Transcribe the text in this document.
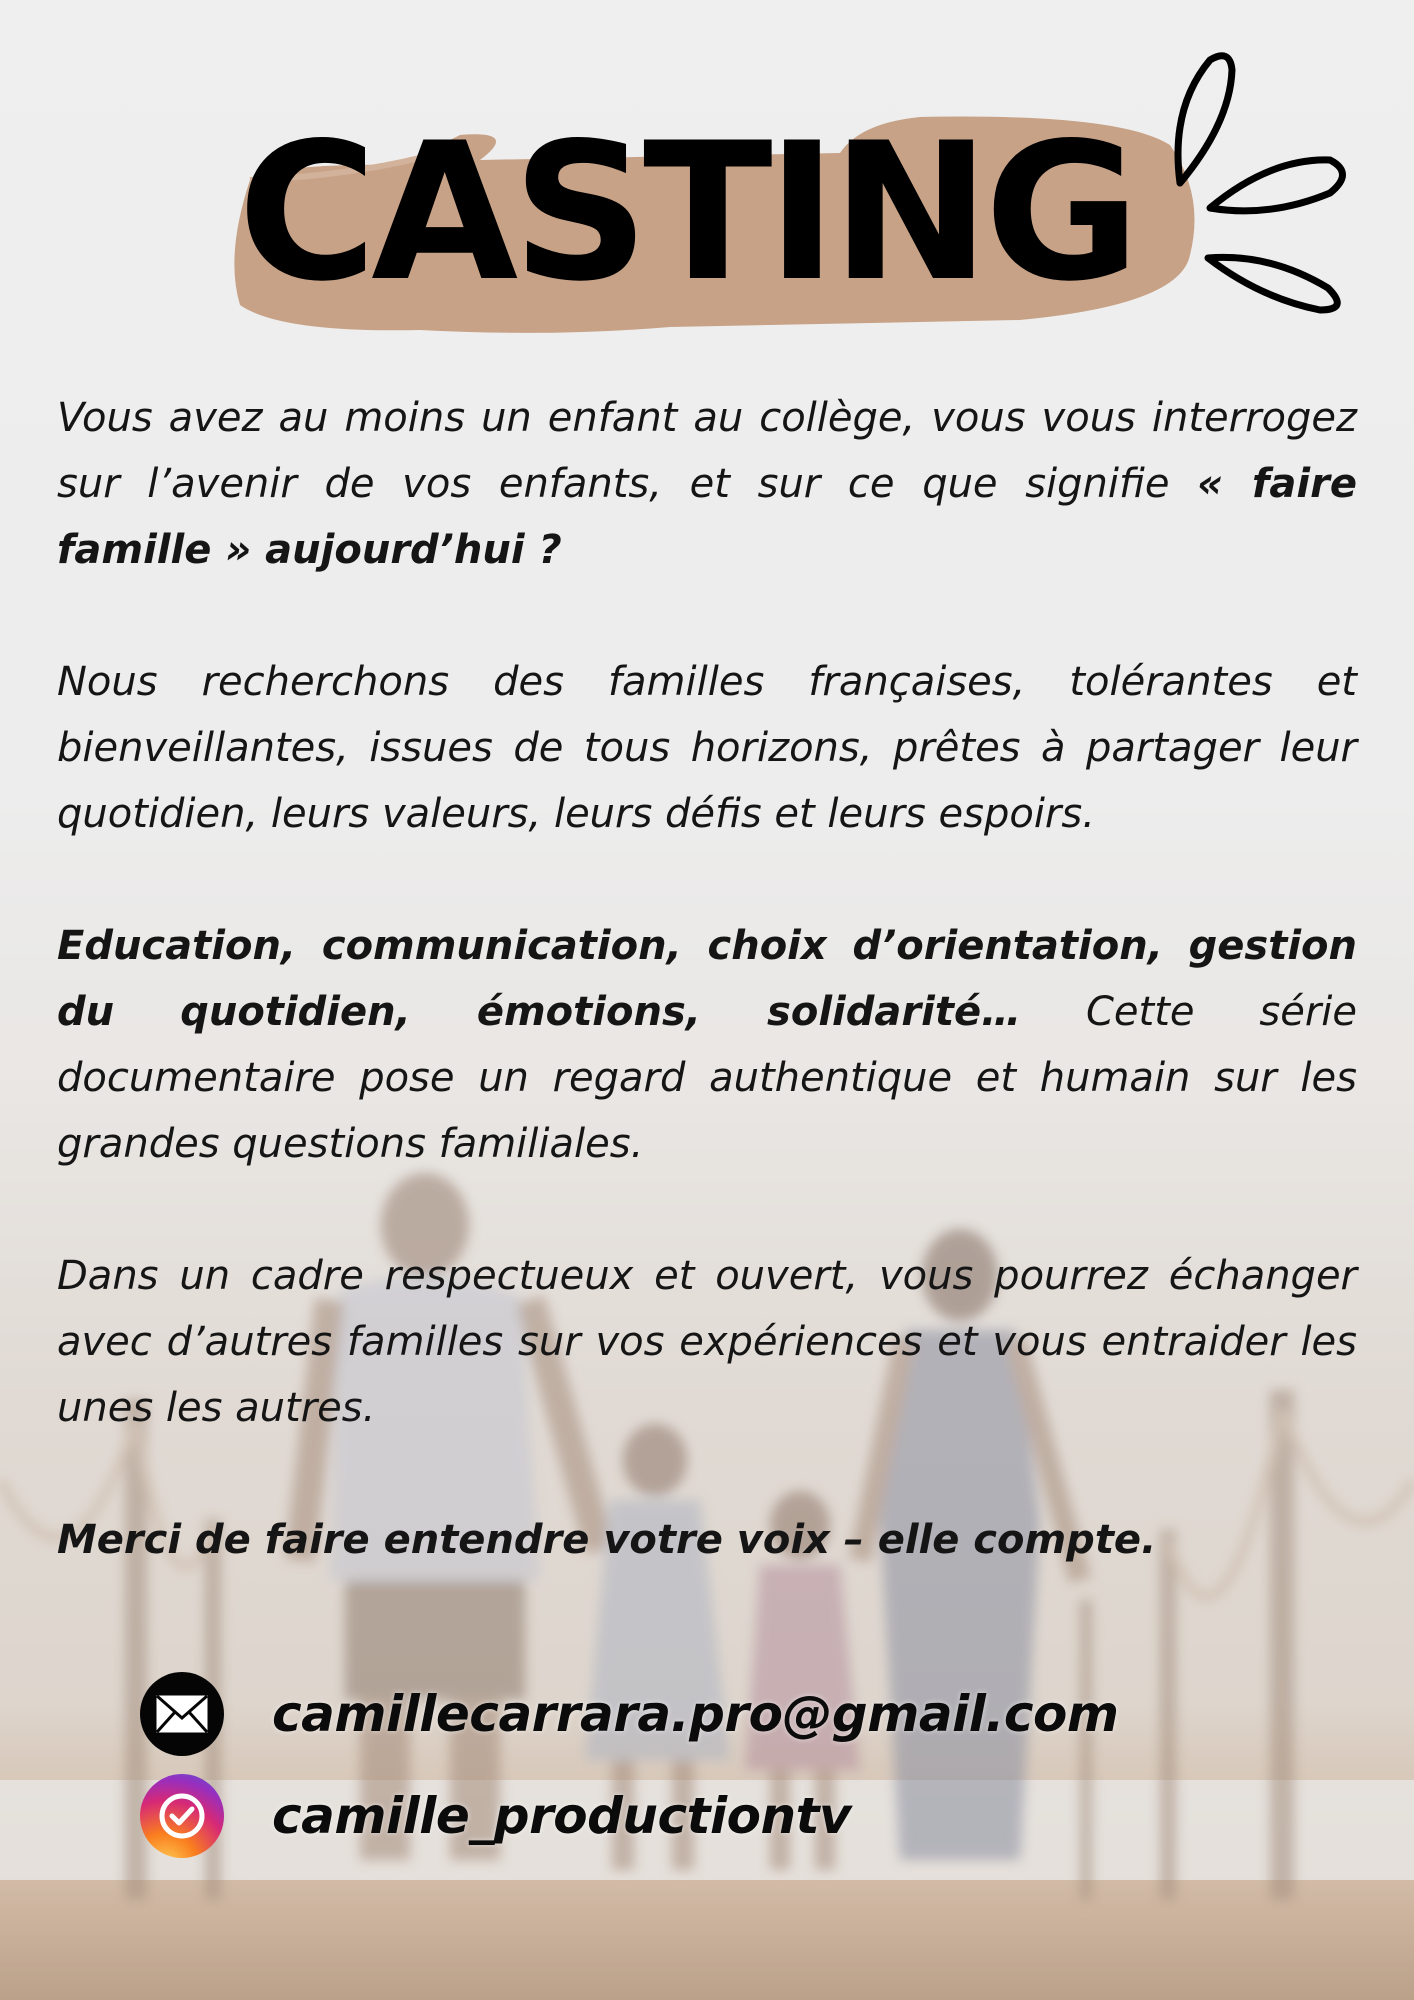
CASTING

Vous avez au moins un enfant au collège, vous vous interrogez sur l’avenir de vos enfants, et sur ce que signifie « faire famille » aujourd’hui ?

Nous recherchons des familles françaises, tolérantes et bienveillantes, issues de tous horizons, prêtes à partager leur quotidien, leurs valeurs, leurs défis et leurs espoirs.

Education, communication, choix d’orientation, gestion du quotidien, émotions, solidarité… Cette série documentaire pose un regard authentique et humain sur les grandes questions familiales.

Dans un cadre respectueux et ouvert, vous pourrez échanger avec d’autres familles sur vos expériences et vous entraider les unes les autres.

Merci de faire entendre votre voix – elle compte.

camillecarrara.pro@gmail.com
camille_productiontv
